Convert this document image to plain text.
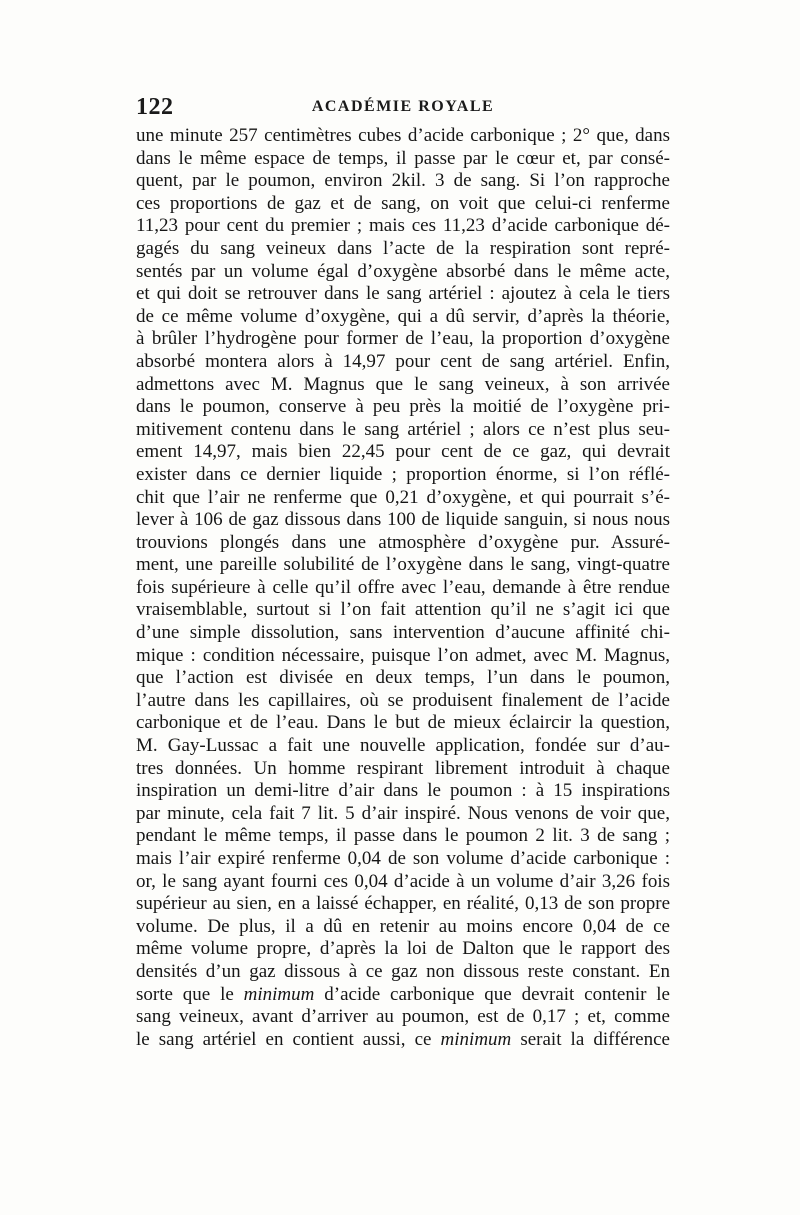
122	ACADÉMIE ROYALE
une minute 257 centimètres cubes d’acide carbonique ; 2° que, dans
dans le même espace de temps, il passe par le cœur et, par consé-
quent, par le poumon, environ 2kil. 3 de sang. Si l’on rapproche
ces proportions de gaz et de sang, on voit que celui-ci renferme
11,23 pour cent du premier ; mais ces 11,23 d’acide carbonique dé-
gagés du sang veineux dans l’acte de la respiration sont repré-
sentés par un volume égal d’oxygène absorbé dans le même acte,
et qui doit se retrouver dans le sang artériel : ajoutez à cela le tiers
de ce même volume d’oxygène, qui a dû servir, d’après la théorie,
à brûler l’hydrogène pour former de l’eau, la proportion d’oxygène
absorbé montera alors à 14,97 pour cent de sang artériel. Enfin,
admettons avec M. Magnus que le sang veineux, à son arrivée
dans le poumon, conserve à peu près la moitié de l’oxygène pri-
mitivement contenu dans le sang artériel ; alors ce n’est plus seu-
ement 14,97, mais bien 22,45 pour cent de ce gaz, qui devrait
exister dans ce dernier liquide ; proportion énorme, si l’on réflé-
chit que l’air ne renferme que 0,21 d’oxygène, et qui pourrait s’é-
lever à 106 de gaz dissous dans 100 de liquide sanguin, si nous nous
trouvions plongés dans une atmosphère d’oxygène pur. Assuré-
ment, une pareille solubilité de l’oxygène dans le sang, vingt-quatre
fois supérieure à celle qu’il offre avec l’eau, demande à être rendue
vraisemblable, surtout si l’on fait attention qu’il ne s’agit ici que
d’une simple dissolution, sans intervention d’aucune affinité chi-
mique : condition nécessaire, puisque l’on admet, avec M. Magnus,
que l’action est divisée en deux temps, l’un dans le poumon,
l’autre dans les capillaires, où se produisent finalement de l’acide
carbonique et de l’eau. Dans le but de mieux éclaircir la question,
M. Gay-Lussac a fait une nouvelle application, fondée sur d’au-
tres données. Un homme respirant librement introduit à chaque
inspiration un demi-litre d’air dans le poumon : à 15 inspirations
par minute, cela fait 7 lit. 5 d’air inspiré. Nous venons de voir que,
pendant le même temps, il passe dans le poumon 2 lit. 3 de sang ;
mais l’air expiré renferme 0,04 de son volume d’acide carbonique :
or, le sang ayant fourni ces 0,04 d’acide à un volume d’air 3,26 fois
supérieur au sien, en a laissé échapper, en réalité, 0,13 de son propre
volume. De plus, il a dû en retenir au moins encore 0,04 de ce
même volume propre, d’après la loi de Dalton que le rapport des
densités d’un gaz dissous à ce gaz non dissous reste constant. En
sorte que le minimum d’acide carbonique que devrait contenir le
sang veineux, avant d’arriver au poumon, est de 0,17 ; et, comme
le sang artériel en contient aussi, ce minimum serait la différence
